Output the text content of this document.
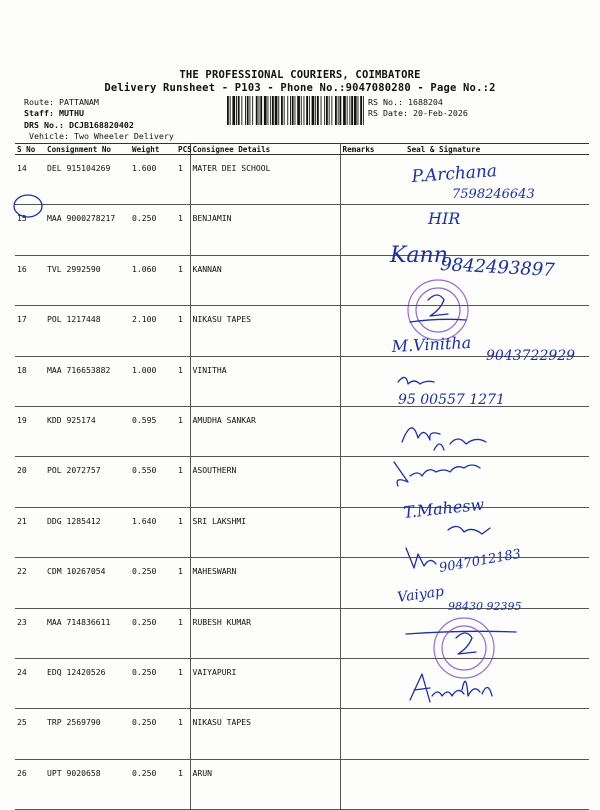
THE PROFESSIONAL COURIERS, COIMBATORE
Delivery Runsheet - P103 - Phone No.:9047080280 - Page No.:2
Route: PATTANAM
Staff: MUTHU
DRS No.: DCJB168820402
Vehicle: Two Wheeler Delivery
RS No.: 1688204
RS Date: 20-Feb-2026
S No	Consignment No	Weight	PCS	Consignee Details	Remarks	Seal & Signature
14	DEL 915104269	1.600	1	MATER DEI SCHOOL		
15	MAA 9000278217	0.250	1	BENJAMIN		
16	TVL 2992590	1.060	1	KANNAN		
17	POL 1217448	2.100	1	NIKASU TAPES		
18	MAA 716653882	1.000	1	VINITHA		
19	KDD 925174	0.595	1	AMUDHA SANKAR		
20	POL 2072757	0.550	1	ASOUTHERN		
21	DDG 1285412	1.640	1	SRI LAKSHMI		
22	CDM 10267054	0.250	1	MAHESWARN		
23	MAA 714836611	0.250	1	RUBESH KUMAR		
24	EDQ 12420526	0.250	1	VAIYAPURI		
25	TRP 2569790	0.250	1	NIKASU TAPES		
26	UPT 9020658	0.250	1	ARUN		
P.Archana
7598246643
HIR
Kann
9842493897
M.Vinitha
9043722929
95 00557 1271
T.Mahesw
9047012183
Vaiyap
98430 92395
